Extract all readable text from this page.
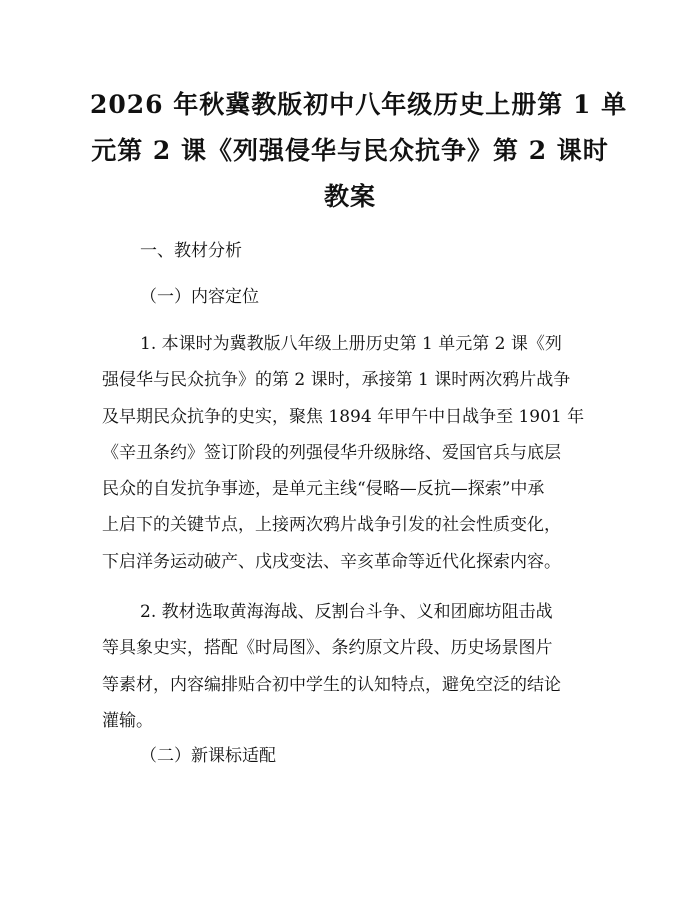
2026 年秋冀教版初中八年级历史上册第 1 单
元第 2 课《列强侵华与民众抗争》第 2 课时
教案
一、教材分析
（一）内容定位
1. 本课时为冀教版八年级上册历史第 1 单元第 2 课《列
强侵华与民众抗争》的第 2 课时，承接第 1 课时两次鸦片战争
及早期民众抗争的史实，聚焦 1894 年甲午中日战争至 1901 年
《辛丑条约》签订阶段的列强侵华升级脉络、爱国官兵与底层
民众的自发抗争事迹，是单元主线“侵略—反抗—探索”中承
上启下的关键节点，上接两次鸦片战争引发的社会性质变化，
下启洋务运动破产、戊戌变法、辛亥革命等近代化探索内容。
2. 教材选取黄海海战、反割台斗争、义和团廊坊阻击战
等具象史实，搭配《时局图》、条约原文片段、历史场景图片
等素材，内容编排贴合初中学生的认知特点，避免空泛的结论
灌输。
（二）新课标适配
